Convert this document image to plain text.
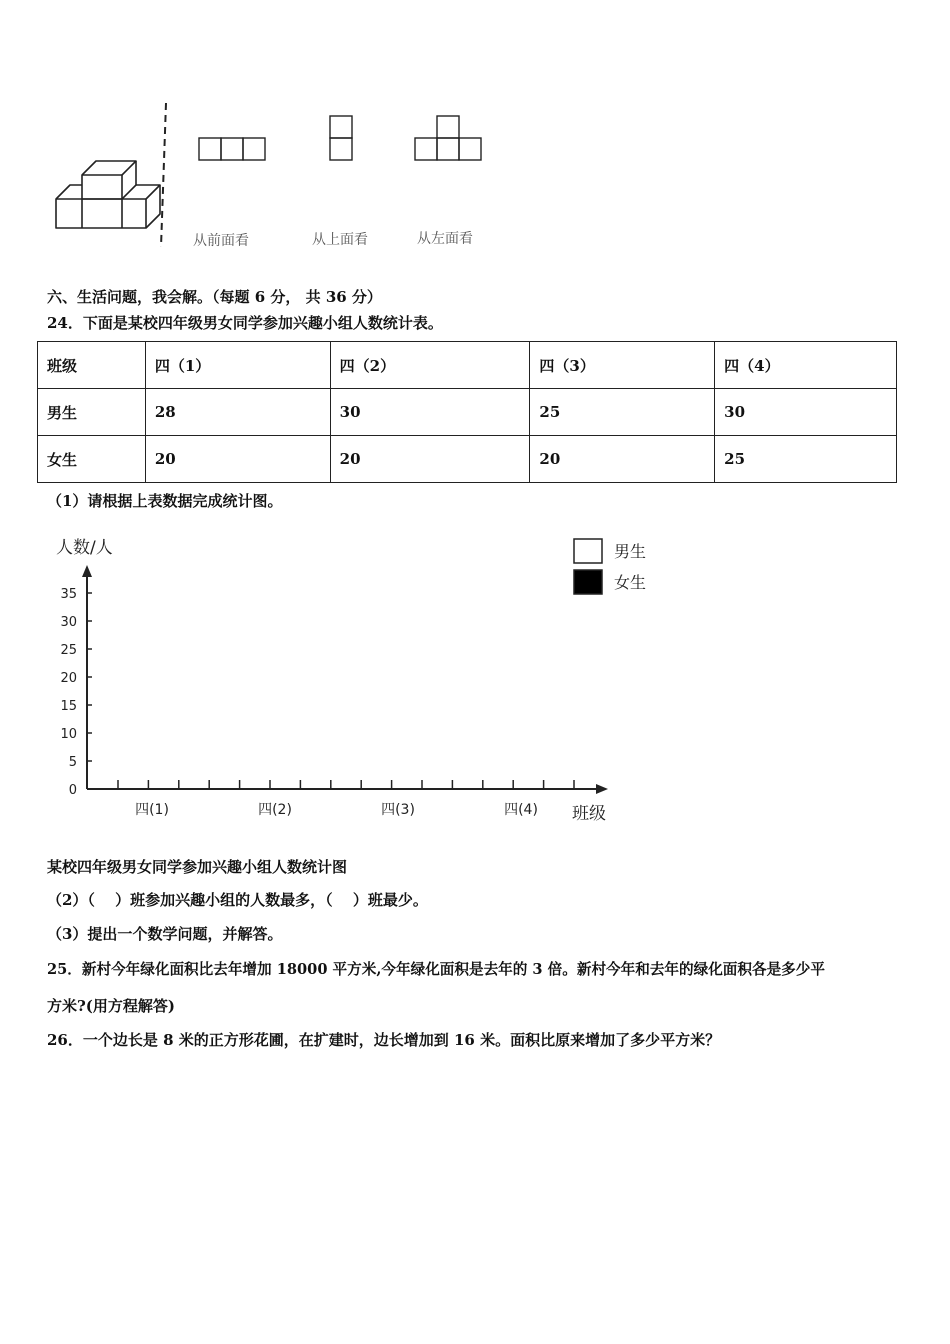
从前面看	从上面看	从左面看
六、生活问题，我会解。（每题 6 分， 共 36 分）
24．下面是某校四年级男女同学参加兴趣小组人数统计表。
班级	四（1）	四（2）	四（3）	四（4）
男生	28	30	25	30
女生	20	20	20	25
（1）请根据上表数据完成统计图。
人数/人
0
5
10
15
20
25
30
35
四(1)	四(2)	四(3)	四(4) 班级
男生
女生
某校四年级男女同学参加兴趣小组人数统计图
（2）（　 ）班参加兴趣小组的人数最多，（　 ）班最少。
（3）提出一个数学问题，并解答。
25．新村今年绿化面积比去年增加 18000 平方米,今年绿化面积是去年的 3 倍。新村今年和去年的绿化面积各是多少平
方米?(用方程解答)
26．一个边长是 8 米的正方形花圃，在扩建时，边长增加到 16 米。面积比原来增加了多少平方米？
